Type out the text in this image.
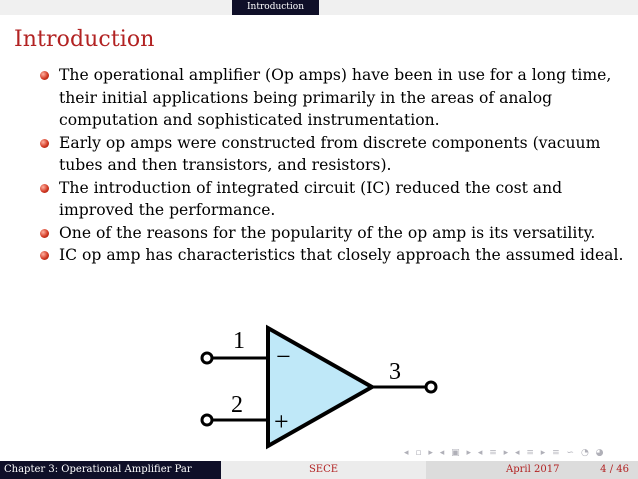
Introduction
Introduction
The operational amplifier (Op amps) have been in use for a long time, their initial applications being primarily in the areas of analog computation and sophisticated instrumentation.
Early op amps were constructed from discrete components (vacuum tubes and then transistors, and resistors).
The introduction of integrated circuit (IC) reduced the cost and improved the performance.
One of the reasons for the popularity of the op amp is its versatility.
IC op amp has characteristics that closely approach the assumed ideal.
1
2
3
−
+
◂ ▫ ▸ ◂ ▣ ▸ ◂ ≡ ▸ ◂ ≡ ▸ ≡ ∽ ◔ ◕
Chapter 3: Operational Amplifier Par	SECE	April 2017	4 / 46
